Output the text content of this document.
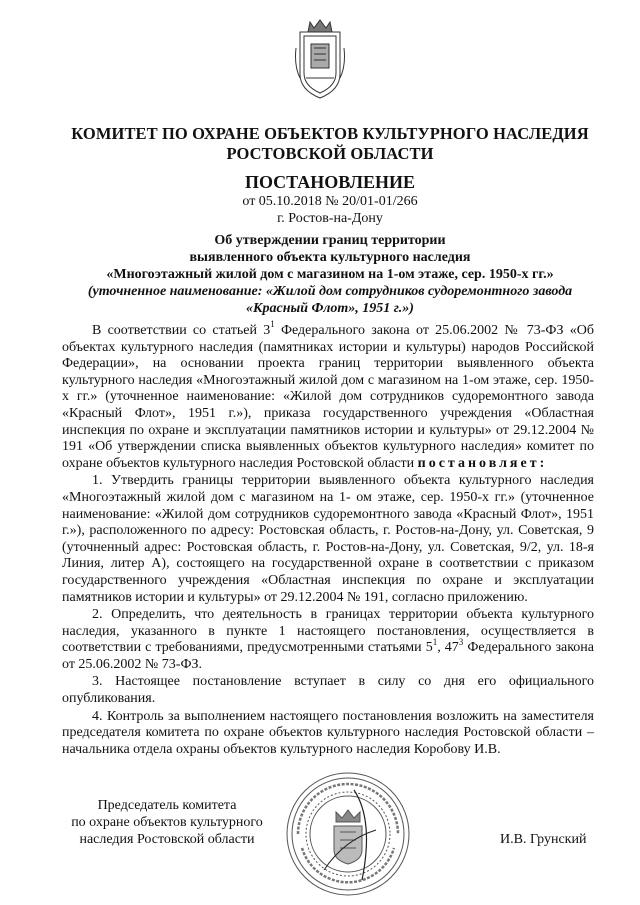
КОМИТЕТ ПО ОХРАНЕ ОБЪЕКТОВ КУЛЬТУРНОГО НАСЛЕДИЯ РОСТОВСКОЙ ОБЛАСТИ
ПОСТАНОВЛЕНИЕ
от 05.10.2018 № 20/01-01/266
г. Ростов-на-Дону
Об утверждении границ территории
выявленного объекта культурного наследия
«Многоэтажный жилой дом с магазином на 1-ом этаже, сер. 1950-х гг.»
(уточненное наименование: «Жилой дом сотрудников судоремонтного завода
«Красный Флот», 1951 г.»)

В соответствии со статьей $3^1$ Федерального закона от 25.06.2002 № 73-ФЗ «Об объектах культурного наследия (памятниках истории и культуры) народов Российской Федерации», на основании проекта границ территории выявленного объекта культурного наследия «Многоэтажный жилой дом с магазином на 1-ом этаже, сер. 1950-х гг.» (уточненное наименование: «Жилой дом сотрудников судоремонтного завода «Красный Флот», 1951 г.»), приказа государственного учреждения «Областная инспекция по охране и эксплуатации памятников истории и культуры» от 29.12.2004 № 191 «Об утверждении списка выявленных объектов культурного наследия» комитет по охране объектов культурного наследия Ростовской области постановляет:

1. Утвердить границы территории выявленного объекта культурного наследия «Многоэтажный жилой дом с магазином на 1- ом этаже, сер. 1950-х гг.» (уточненное наименование: «Жилой дом сотрудников судоремонтного завода «Красный Флот», 1951 г.»), расположенного по адресу: Ростовская область, г. Ростов-на-Дону, ул. Советская, 9 (уточненный адрес: Ростовская область, г. Ростов-на-Дону, ул. Советская, 9/2, ул. 18-я Линия, литер А), состоящего на государственной охране в соответствии с приказом государственного учреждения «Областная инспекция по охране и эксплуатации памятников истории и культуры» от 29.12.2004 № 191, согласно приложению.

2. Определить, что деятельность в границах территории объекта культурного наследия, указанного в пункте 1 настоящего постановления, осуществляется в соответствии с требованиями, предусмотренными статьями $5^1$, $47^3$ Федерального закона от 25.06.2002 № 73-ФЗ.

3. Настоящее постановление вступает в силу со дня его официального опубликования.

4. Контроль за выполнением настоящего постановления возложить на заместителя председателя комитета по охране объектов культурного наследия Ростовской области – начальника отдела охраны объектов культурного наследия Коробову И.В.

Председатель комитета
по охране объектов культурного
наследия Ростовской области	И.В. Грунский
